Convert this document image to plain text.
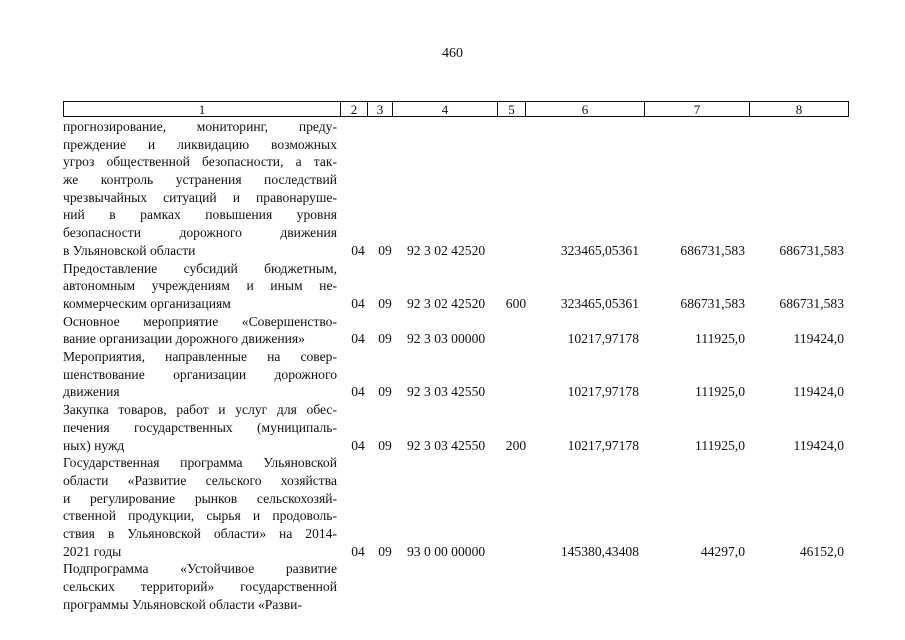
460
1	2	3	4	5	6	7	8
прогнозирование, мониторинг, преду-
преждение и ликвидацию возможных
угроз общественной безопасности, а так-
же контроль устранения последствий
чрезвычайных ситуаций и правонаруше-
ний в рамках повышения уровня
безопасности дорожного движения
в Ульяновской области	04 09	92 3 02 42520	323465,05361	686731,583	686731,583
Предоставление субсидий бюджетным,
автономным учреждениям и иным не-
коммерческим организациям	04 09	92 3 02 42520 600	323465,05361	686731,583	686731,583
Основное мероприятие «Совершенство-
вание организации дорожного движения»	04 09	92 3 03 00000	10217,97178	111925,0	119424,0
Мероприятия, направленные на совер-
шенствование организации дорожного
движения	04 09	92 3 03 42550	10217,97178	111925,0	119424,0
Закупка товаров, работ и услуг для обес-
печения государственных (муниципаль-
ных) нужд	04 09	92 3 03 42550 200	10217,97178	111925,0	119424,0
Государственная программа Ульяновской
области «Развитие сельского хозяйства
и регулирование рынков сельскохозяй-
ственной продукции, сырья и продоволь-
ствия в Ульяновской области» на 2014-
2021 годы	04 09	93 0 00 00000	145380,43408	44297,0	46152,0
Подпрограмма «Устойчивое развитие
сельских территорий» государственной
программы Ульяновской области «Разви-
